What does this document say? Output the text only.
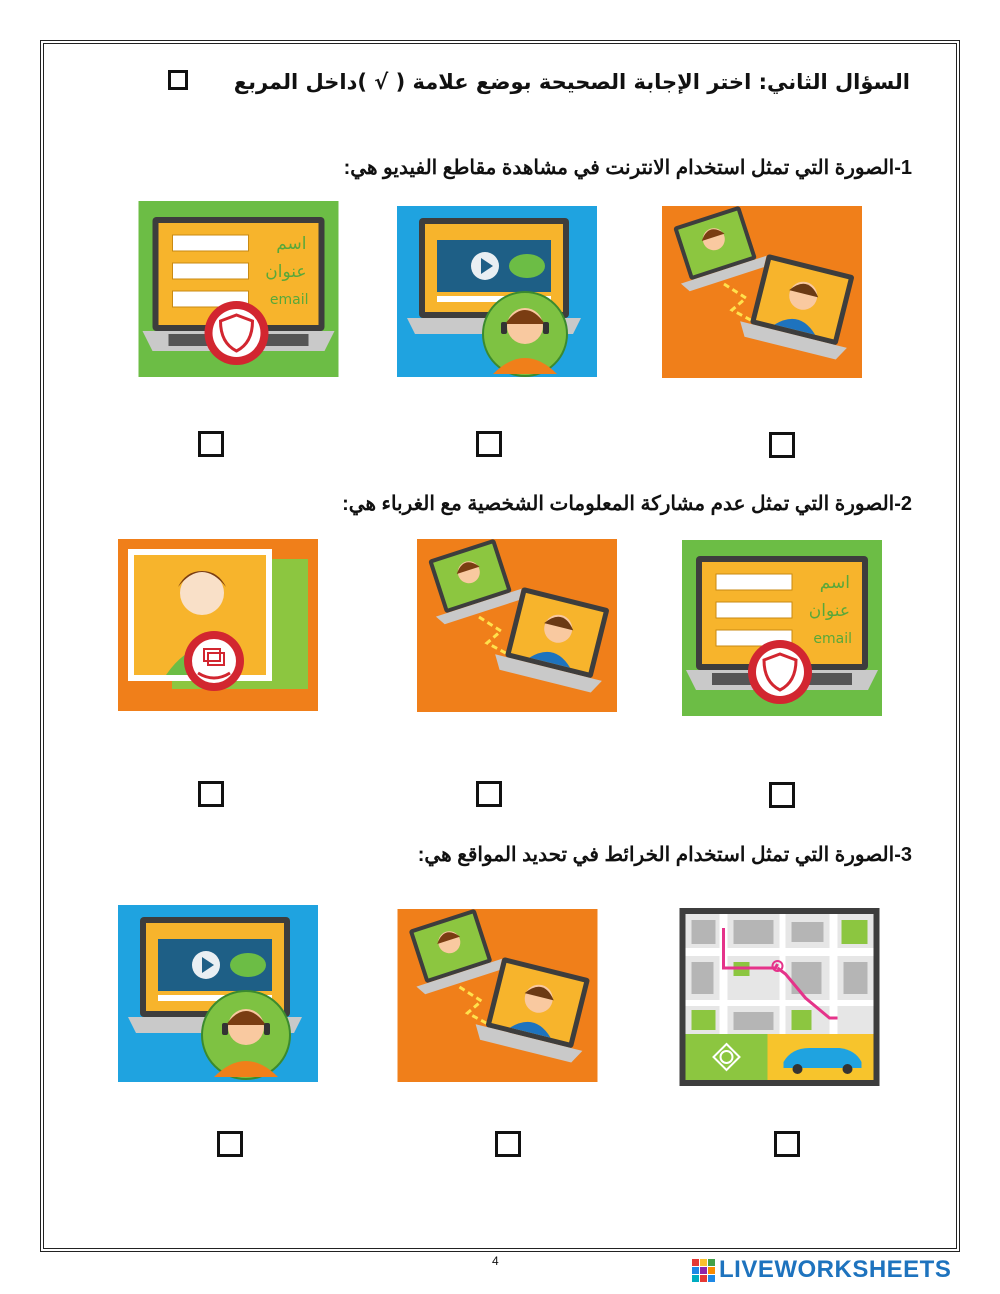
السؤال الثاني: اختر الإجابة الصحيحة بوضع علامة ( √ )داخل المربع
1-الصورة التي تمثل استخدام الانترنت في مشاهدة مقاطع الفيديو هي:
اسم
عنوان
email
2-الصورة التي تمثل عدم مشاركة المعلومات الشخصية مع الغرباء هي:
اسم
عنوان
email
3-الصورة التي تمثل استخدام الخرائط في تحديد المواقع هي:
4	LIVEWORKSHEETS
